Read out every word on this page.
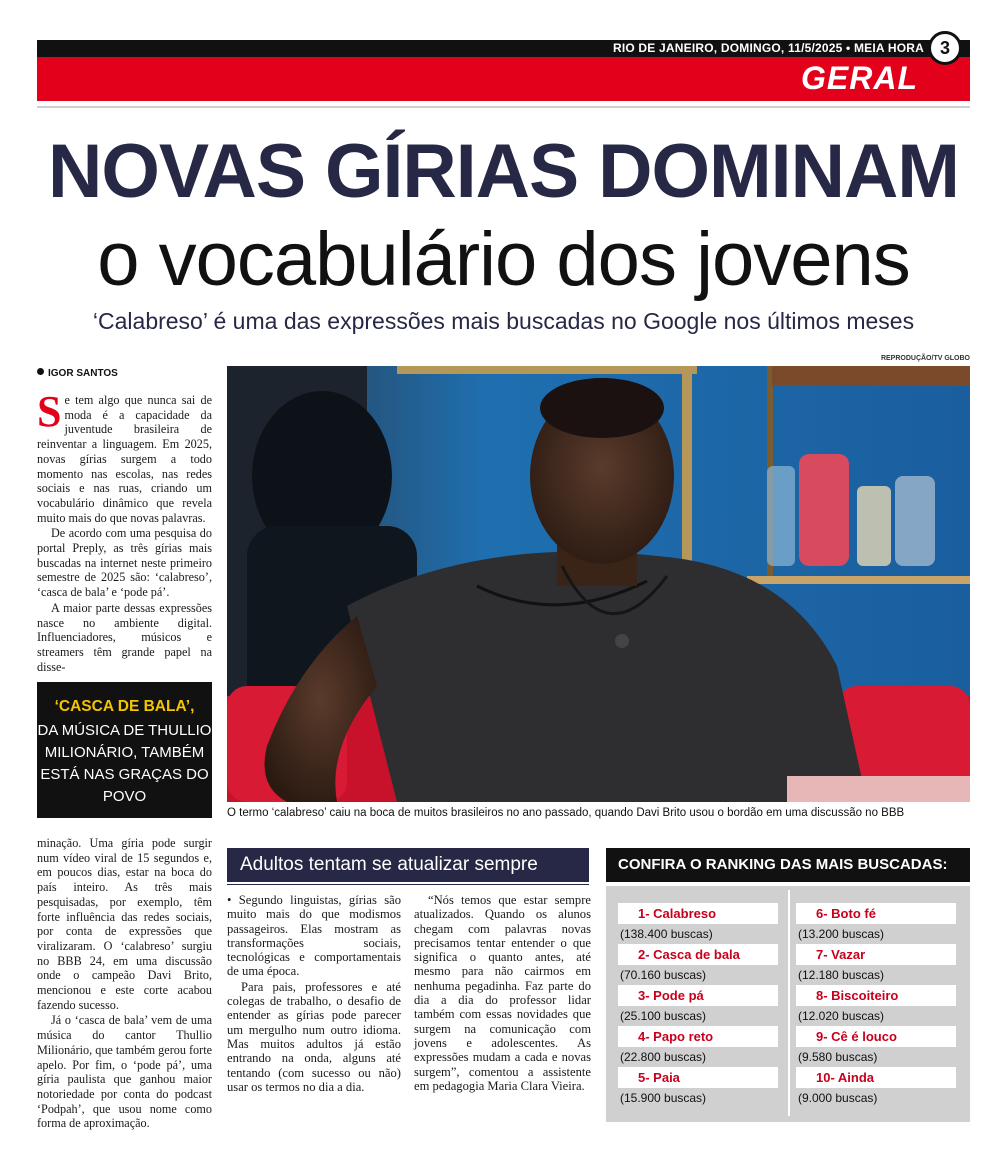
RIO DE JANEIRO, DOMINGO, 11/5/2025 • MEIA HORA 3
GERAL
NOVAS GÍRIAS DOMINAM
o vocabulário dos jovens
‘Calabreso’ é uma das expressões mais buscadas no Google nos últimos meses
IGOR SANTOS

Se tem algo que nunca sai de moda é a capacidade da juventude brasileira de reinventar a linguagem. Em 2025, novas gírias surgem a todo momento nas escolas, nas redes sociais e nas ruas, criando um vocabulário dinâmico que revela muito mais do que novas palavras.

De acordo com uma pesquisa do portal Preply, as três gírias mais buscadas na internet neste primeiro semestre de 2025 são: ‘calabreso’, ‘casca de bala’ e ‘pode pá’.

A maior parte dessas expressões nasce no ambiente digital. Influenciadores, músicos e streamers têm grande papel na disse-

‘CASCA DE BALA’,
DA MÚSICA DE THULLIO MILIONÁRIO, TAMBÉM ESTÁ NAS GRAÇAS DO POVO

minação. Uma gíria pode surgir num vídeo viral de 15 segundos e, em poucos dias, estar na boca do país inteiro. As três mais pesquisadas, por exemplo, têm forte influência das redes sociais, por conta de expressões que viralizaram. O ‘calabreso’ surgiu no BBB 24, em uma discussão onde o campeão Davi Brito, mencionou e este corte acabou fazendo sucesso.

Já o ‘casca de bala’ vem de uma música do cantor Thullio Milionário, que também gerou forte apelo. Por fim, o ‘pode pá’, uma gíria paulista que ganhou maior notoriedade por conta do podcast ‘Podpah’, que usou nome como forma de aproximação.

REPRODUÇÃO/TV GLOBO
O termo ‘calabreso’ caiu na boca de muitos brasileiros no ano passado, quando Davi Brito usou o bordão em uma discussão no BBB
Adultos tentam se atualizar sempre

• Segundo linguistas, gírias são muito mais do que modismos passageiros. Elas mostram as transformações sociais, tecnológicas e comportamentais de uma época.

Para pais, professores e até colegas de trabalho, o desafio de entender as gírias pode parecer um mergulho num outro idioma. Mas muitos adultos já estão entrando na onda, alguns até tentando (com sucesso ou não) usar os termos no dia a dia.

“Nós temos que estar sempre atualizados. Quando os alunos chegam com palavras novas precisamos tentar entender o que significa o quanto antes, até mesmo para não cairmos em nenhuma pegadinha. Faz parte do dia a dia do professor lidar também com essas novidades que surgem na comunicação com jovens e adolescentes. As expressões mudam a cada e novas surgem”, comentou a assistente em pedagogia Maria Clara Vieira.

CONFIRA O RANKING DAS MAIS BUSCADAS:
1- Calabreso
(138.400 buscas)
2- Casca de bala
(70.160 buscas)
3- Pode pá
(25.100 buscas)
4- Papo reto
(22.800 buscas)
5- Paia
(15.900 buscas)
6- Boto fé
(13.200 buscas)
7- Vazar
(12.180 buscas)
8- Biscoiteiro
(12.020 buscas)
9- Cê é louco
(9.580 buscas)
10- Ainda
(9.000 buscas)
